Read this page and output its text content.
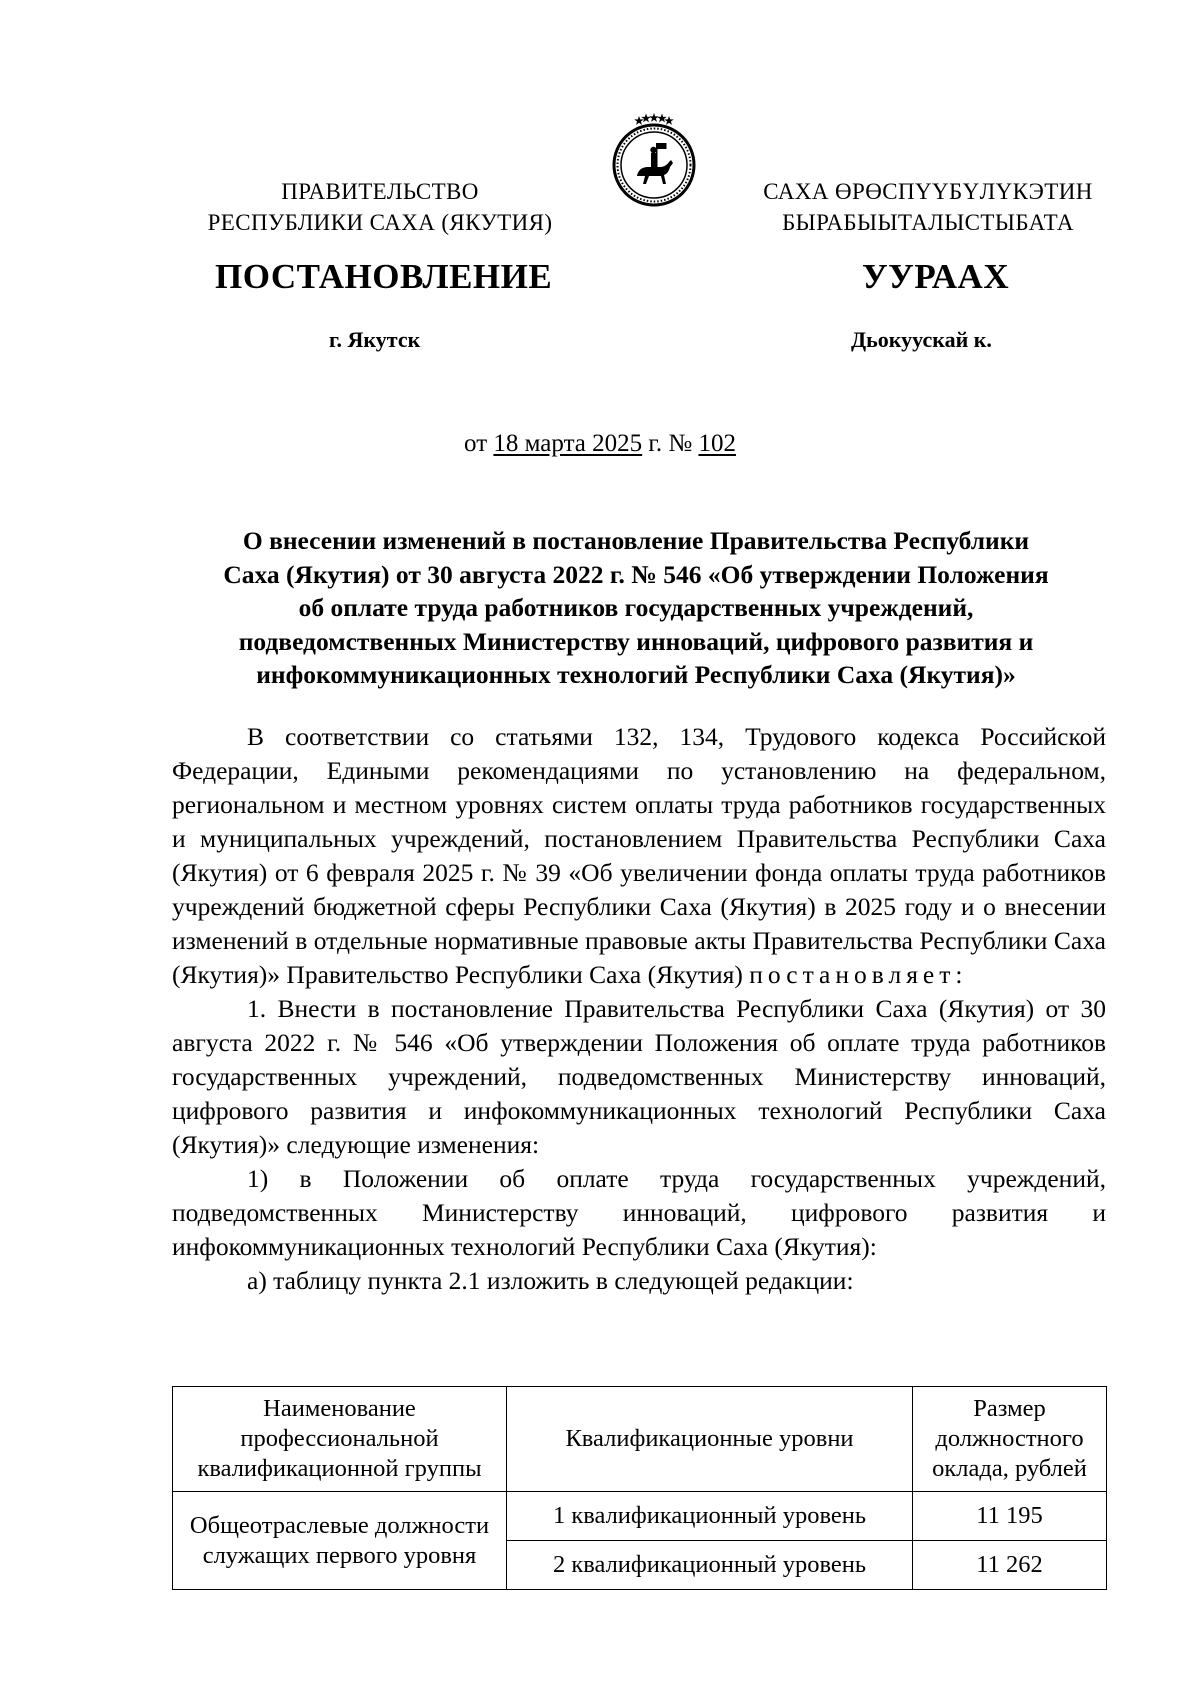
ПРАВИТЕЛЬСТВО
РЕСПУБЛИКИ САХА (ЯКУТИЯ)
САХА ӨРӨСПҮҮБҮЛҮКЭТИН
БЫРАБЫЫТАЛЫСТЫБАТА
ПОСТАНОВЛЕНИЕ	УУРААХ
г. Якутск	Дьокуускай к.
от 18 марта 2025 г. № 102
О внесении изменений в постановление Правительства Республики
Саха (Якутия) от 30 августа 2022 г. № 546 «Об утверждении Положения
об оплате труда работников государственных учреждений,
подведомственных Министерству инноваций, цифрового развития и
инфокоммуникационных технологий Республики Саха (Якутия)»

В соответствии со статьями 132, 134, Трудового кодекса Российской Федерации, Едиными рекомендациями по установлению на федеральном, региональном и местном уровнях систем оплаты труда работников государственных и муниципальных учреждений, постановлением Правительства Республики Саха (Якутия) от 6 февраля 2025 г. № 39 «Об увеличении фонда оплаты труда работников учреждений бюджетной сферы Республики Саха (Якутия) в 2025 году и о внесении изменений в отдельные нормативные правовые акты Правительства Республики Саха (Якутия)» Правительство Республики Саха (Якутия) постановляет:

1. Внести в постановление Правительства Республики Саха (Якутия) от 30 августа 2022 г. № 546 «Об утверждении Положения об оплате труда работников государственных учреждений, подведомственных Министерству инноваций, цифрового развития и инфокоммуникационных технологий Республики Саха (Якутия)» следующие изменения:

1) в Положении об оплате труда государственных учреждений, подведомственных Министерству инноваций, цифрового развития и инфокоммуникационных технологий Республики Саха (Якутия):

а) таблицу пункта 2.1 изложить в следующей редакции:

Наименование профессиональной квалификационной группы	Квалификационные уровни	Размер должностного оклада, рублей
Общеотраслевые должности служащих первого уровня	1 квалификационный уровень	11 195
	2 квалификационный уровень	11 262
